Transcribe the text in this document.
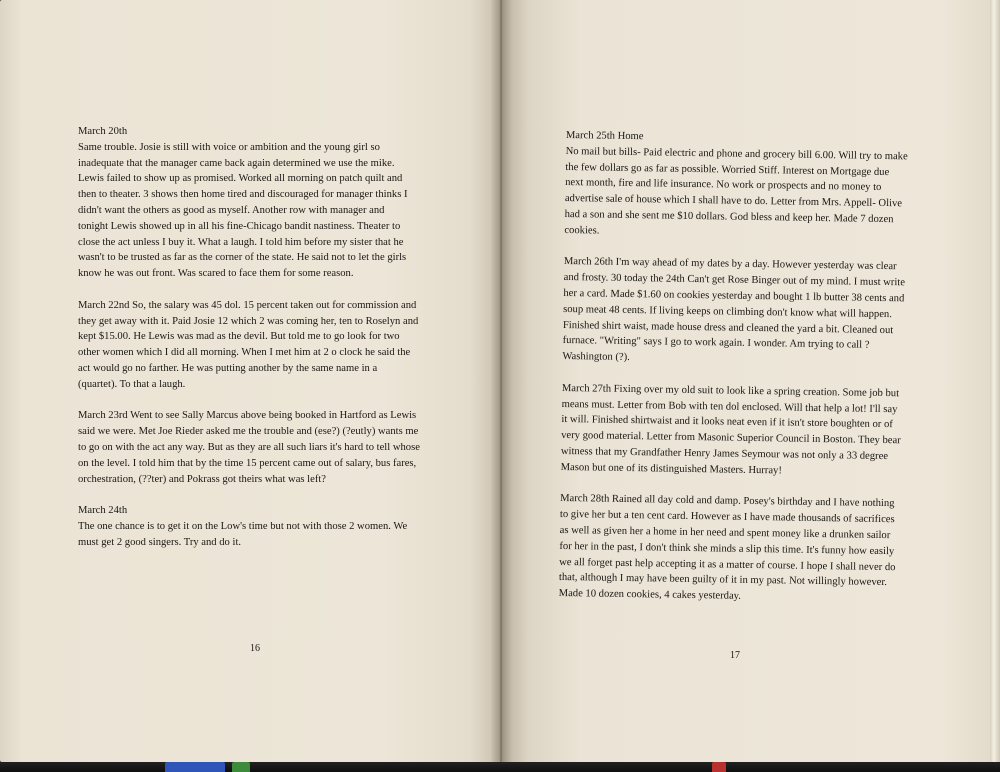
March 20th
Same trouble. Josie is still with voice or ambition and the young girl so
inadequate that the manager came back again determined we use the mike.
Lewis failed to show up as promised. Worked all morning on patch quilt and
then to theater. 3 shows then home tired and discouraged for manager thinks I
didn't want the others as good as myself. Another row with manager and
tonight Lewis showed up in all his fine-Chicago bandit nastiness. Theater to
close the act unless I buy it. What a laugh. I told him before my sister that he
wasn't to be trusted as far as the corner of the state. He said not to let the girls
know he was out front. Was scared to face them for some reason.

March 22nd So, the salary was 45 dol. 15 percent taken out for commission and
they get away with it. Paid Josie 12 which 2 was coming her, ten to Roselyn and
kept $15.00. He Lewis was mad as the devil. But told me to go look for two
other women which I did all morning. When I met him at 2 o clock he said the
act would go no farther. He was putting another by the same name in a
(quartet). To that a laugh.

March 23rd Went to see Sally Marcus above being booked in Hartford as Lewis
said we were. Met Joe Rieder asked me the trouble and (ese?) (?eutly) wants me
to go on with the act any way. But as they are all such liars it's hard to tell whose
on the level. I told him that by the time 15 percent came out of salary, bus fares,
orchestration, (??ter) and Pokrass got theirs what was left?

March 24th
The one chance is to get it on the Low's time but not with those 2 women. We
must get 2 good singers. Try and do it.

16

March 25th Home
No mail but bills- Paid electric and phone and grocery bill 6.00. Will try to make
the few dollars go as far as possible. Worried Stiff. Interest on Mortgage due
next month, fire and life insurance. No work or prospects and no money to
advertise sale of house which I shall have to do. Letter from Mrs. Appell- Olive
had a son and she sent me $10 dollars. God bless and keep her. Made 7 dozen
cookies.

March 26th I'm way ahead of my dates by a day. However yesterday was clear
and frosty. 30 today the 24th Can't get Rose Binger out of my mind. I must write
her a card. Made $1.60 on cookies yesterday and bought 1 lb butter 38 cents and
soup meat 48 cents. If living keeps on climbing don't know what will happen.
Finished shirt waist, made house dress and cleaned the yard a bit. Cleaned out
furnace. "Writing" says I go to work again. I wonder. Am trying to call ?
Washington (?).

March 27th Fixing over my old suit to look like a spring creation. Some job but
means must. Letter from Bob with ten dol enclosed. Will that help a lot! I'll say
it will. Finished shirtwaist and it looks neat even if it isn't store boughten or of
very good material. Letter from Masonic Superior Council in Boston. They bear
witness that my Grandfather Henry James Seymour was not only a 33 degree
Mason but one of its distinguished Masters. Hurray!

March 28th Rained all day cold and damp. Posey's birthday and I have nothing
to give her but a ten cent card. However as I have made thousands of sacrifices
as well as given her a home in her need and spent money like a drunken sailor
for her in the past, I don't think she minds a slip this time. It's funny how easily
we all forget past help accepting it as a matter of course. I hope I shall never do
that, although I may have been guilty of it in my past. Not willingly however.
Made 10 dozen cookies, 4 cakes yesterday.

17
